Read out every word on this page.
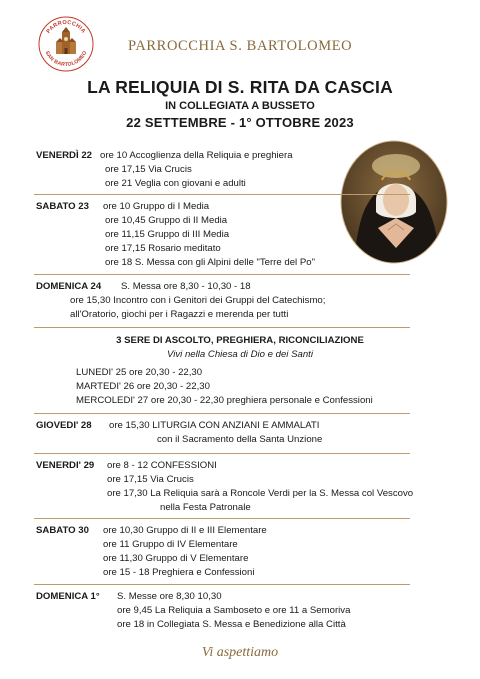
PARROCCHIA
SAN BARTOLOMEO	PARROCCHIA S. BARTOLOMEO
LA RELIQUIA DI S. RITA DA CASCIA
IN COLLEGIATA A BUSSETO
22 SETTEMBRE - 1° OTTOBRE 2023
VENERDÌ 22 ore 10 Accoglienza della Reliquia e preghiera
ore 17,15 Via Crucis
ore 21 Veglia con giovani e adulti
SABATO 23 ore 10 Gruppo di I Media
ore 10,45 Gruppo di II Media
ore 11,15 Gruppo di III Media
ore 17,15 Rosario meditato
ore 18 S. Messa con gli Alpini delle "Terre del Po"
DOMENICA 24 S. Messa ore 8,30 - 10,30 - 18
ore 15,30 Incontro con i Genitori dei Gruppi del Catechismo;
all'Oratorio, giochi per i Ragazzi e merenda per tutti
3 SERE DI ASCOLTO, PREGHIERA, RICONCILIAZIONE
Vivi nella Chiesa di Dio e dei Santi
LUNEDI' 25 ore 20,30 - 22,30
MARTEDI' 26 ore 20,30 - 22,30
MERCOLEDI' 27 ore 20,30 - 22,30 preghiera personale e Confessioni
GIOVEDI' 28 ore 15,30 LITURGIA CON ANZIANI E AMMALATI
con il Sacramento della Santa Unzione
VENERDI' 29 ore 8 - 12 CONFESSIONI
ore 17,15 Via Crucis
ore 17,30 La Reliquia sarà a Roncole Verdi per la S. Messa col Vescovo
nella Festa Patronale
SABATO 30 ore 10,30 Gruppo di II e III Elementare
ore 11 Gruppo di IV Elementare
ore 11,30 Gruppo di V Elementare
ore 15 - 18 Preghiera e Confessioni
DOMENICA 1° S. Messe ore 8,30 10,30
ore 9,45 La Reliquia a Samboseto e ore 11 a Semoriva
ore 18 in Collegiata S. Messa e Benedizione alla Città
Vi aspettiamo
